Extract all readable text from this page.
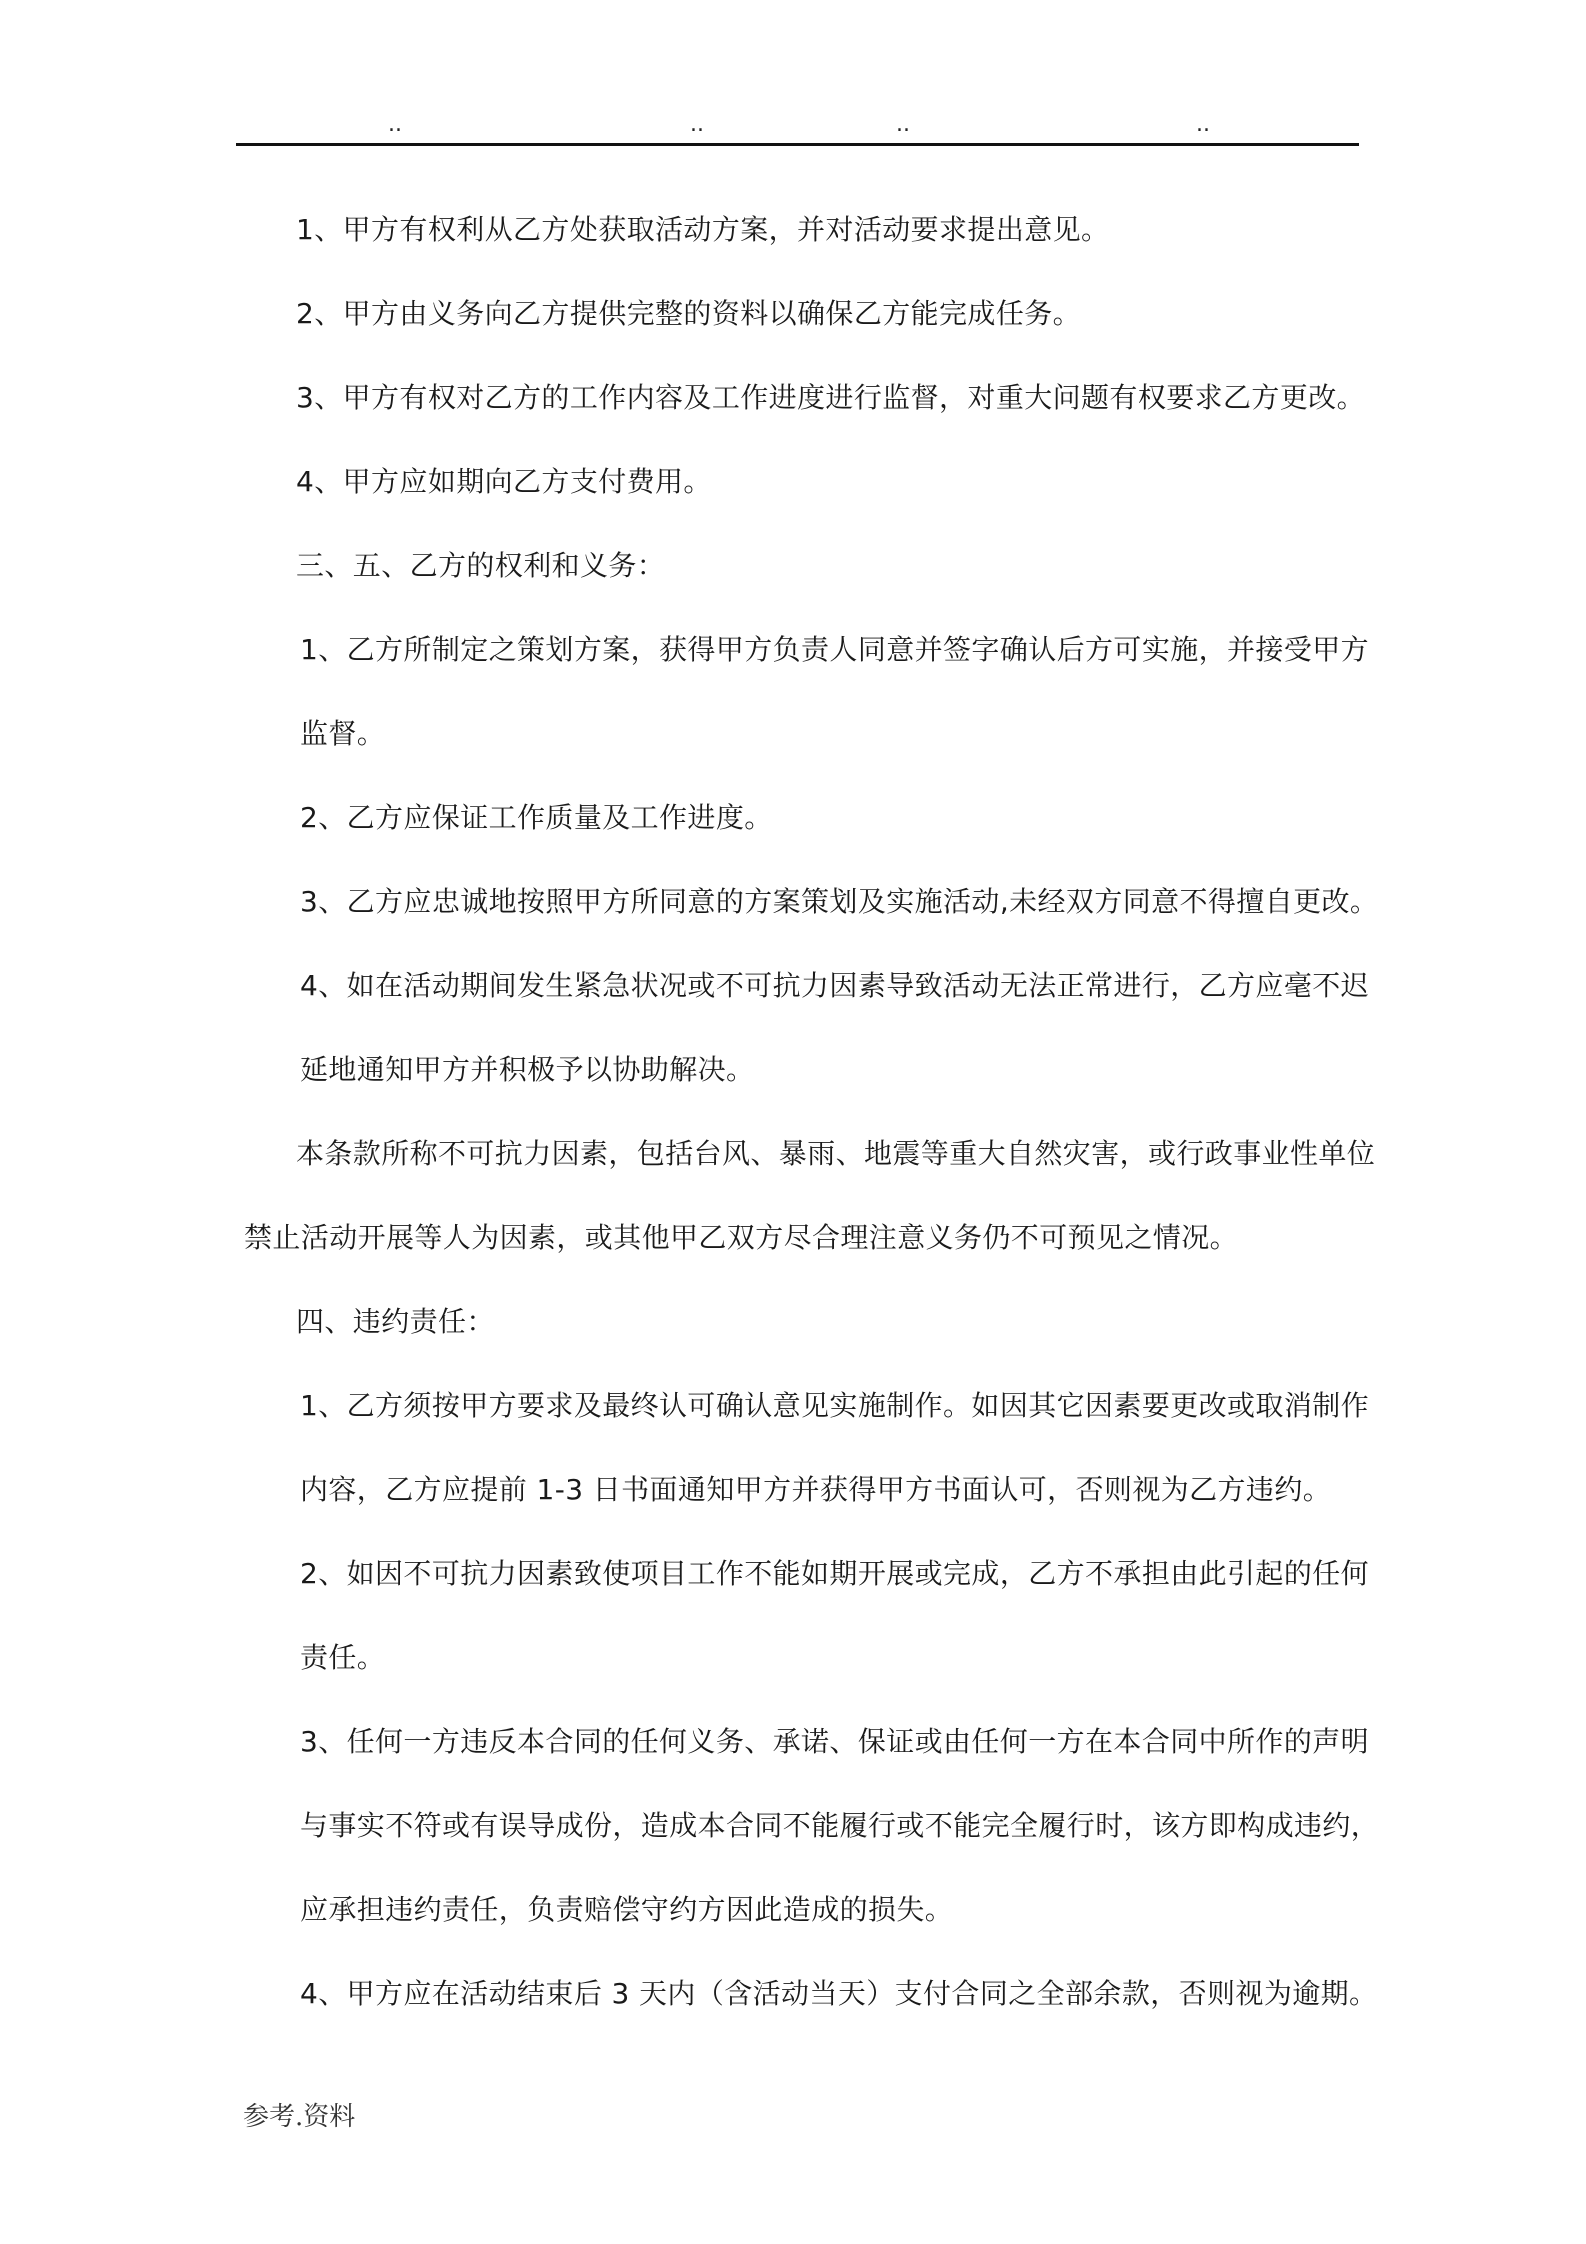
..	..	..	..
1、甲方有权利从乙方处获取活动方案，并对活动要求提出意见。
2、甲方由义务向乙方提供完整的资料以确保乙方能完成任务。
3、甲方有权对乙方的工作内容及工作进度进行监督，对重大问题有权要求乙方更改。
4、甲方应如期向乙方支付费用。
三、五、乙方的权利和义务：
1、乙方所制定之策划方案，获得甲方负责人同意并签字确认后方可实施，并接受甲方
监督。
2、乙方应保证工作质量及工作进度。
3、乙方应忠诚地按照甲方所同意的方案策划及实施活动,未经双方同意不得擅自更改。
4、如在活动期间发生紧急状况或不可抗力因素导致活动无法正常进行，乙方应毫不迟
延地通知甲方并积极予以协助解决。
本条款所称不可抗力因素，包括台风、暴雨、地震等重大自然灾害，或行政事业性单位
禁止活动开展等人为因素，或其他甲乙双方尽合理注意义务仍不可预见之情况。
四、违约责任：
1、乙方须按甲方要求及最终认可确认意见实施制作。如因其它因素要更改或取消制作
内容，乙方应提前 1-3 日书面通知甲方并获得甲方书面认可，否则视为乙方违约。
2、如因不可抗力因素致使项目工作不能如期开展或完成，乙方不承担由此引起的任何
责任。
3、任何一方违反本合同的任何义务、承诺、保证或由任何一方在本合同中所作的声明
与事实不符或有误导成份，造成本合同不能履行或不能完全履行时，该方即构成违约，
应承担违约责任，负责赔偿守约方因此造成的损失。
4、甲方应在活动结束后 3 天内（含活动当天）支付合同之全部余款，否则视为逾期。
参考.资料
